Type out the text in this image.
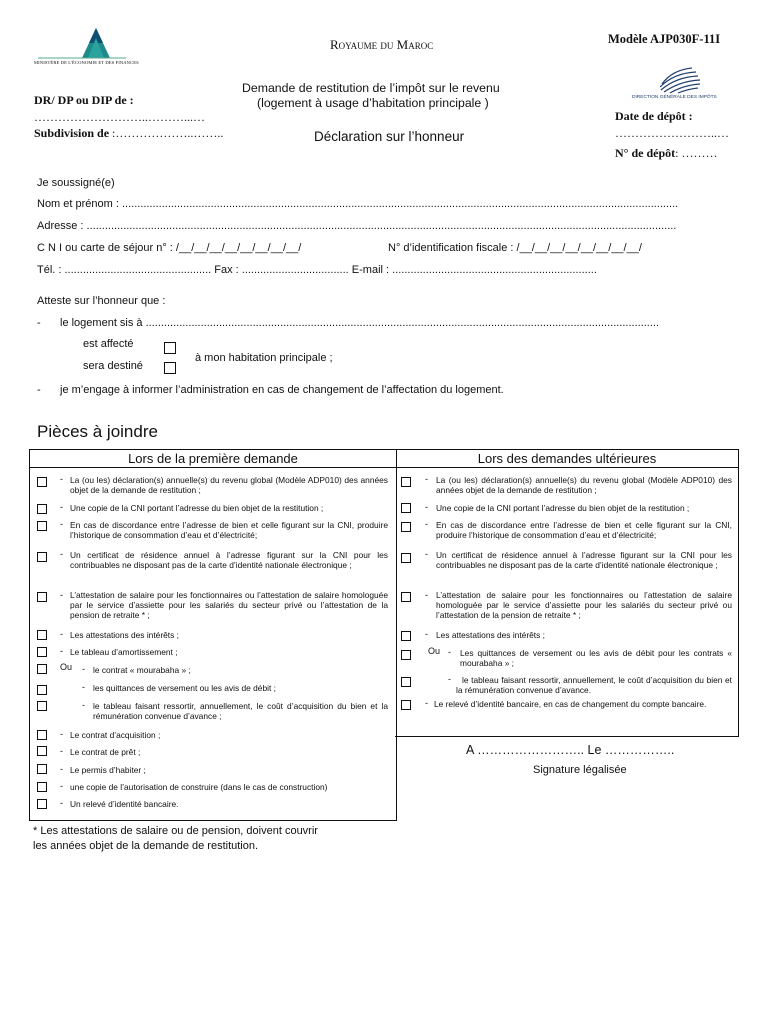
MINISTÈRE DE L'ÉCONOMIE ET DES FINANCES
Royaume du Maroc	Modèle AJP030F-11I
Demande de restitution de l’impôt sur le revenu
(logement à usage d’habitation principale )
Déclaration sur l’honneur
DIRECTION GÉNÉRALE DES IMPÔTS
DR/ DP ou DIP de :
………………………..………...…
Subdivision de :………………..……..
Date de dépôt :
……………………..…
N° de dépôt: ………
Je soussigné(e)
Nom et prénom : ......................................................................................................................................................................................
Adresse : .................................................................................................................................................................................................
C N I ou carte de séjour n° : /__/__/__/__/__/__/__/__/	N° d’identification fiscale : /__/__/__/__/__/__/__/__/
Tél. : ................................................ Fax : ................................... E-mail : ...................................................................
Atteste sur l’honneur que :
- le logement sis à ........................................................................................................................................................................
est affecté
sera destiné
à mon habitation principale ;
- je m’engage à informer l’administration en cas de changement de l’affectation du logement.
Pièces à joindre
Lors de la première demande	Lors des demandes ultérieures
- La (ou les) déclaration(s) annuelle(s) du revenu global (Modèle ADP010) des années objet de la demande de restitution ;
- Une copie de la CNI portant l’adresse du bien objet de la restitution ;
- En cas de discordance entre l’adresse de bien et celle figurant sur la CNI, produire l’historique de consommation d’eau et d’électricité;
- Un certificat de résidence annuel à l’adresse figurant sur la CNI pour les contribuables ne disposant pas de la carte d’identité nationale électronique ;
- L’attestation de salaire pour les fonctionnaires ou l’attestation de salaire homologuée par le service d’assiette pour les salariés du secteur privé ou l’attestation de la pension de retraite * ;
- Les attestations des intérêts ;
- Le tableau d’amortissement ;
Ou - le contrat « mourabaha » ;
- les quittances de versement ou les avis de débit ;
- le tableau faisant ressortir, annuellement, le coût d’acquisition du bien et la rémunération convenue d’avance ;
- Le contrat d’acquisition ;
- Le contrat de prêt ;
- Le permis d’habiter ;
- une copie de l’autorisation de construire (dans le cas de construction)
- Un relevé d’identité bancaire.
- La (ou les) déclaration(s) annuelle(s) du revenu global (Modèle ADP010) des années objet de la demande de restitution ;
- Une copie de la CNI portant l’adresse du bien objet de la restitution ;
- En cas de discordance entre l’adresse de bien et celle figurant sur la CNI, produire l’historique de consommation d’eau et d’électricité;
- Un certificat de résidence annuel à l’adresse figurant sur la CNI pour les contribuables ne disposant pas de la carte d’identité nationale électronique ;
- L’attestation de salaire pour les fonctionnaires ou l’attestation de salaire homologuée par le service d’assiette pour les salariés du secteur privé ou l’attestation de la pension de retraite * ;
- Les attestations des intérêts ;
Ou - Les quittances de versement ou les avis de débit pour les contrats « mourabaha » ;
-	le tableau faisant ressortir, annuellement, le coût d’acquisition du bien et la rémunération convenue d’avance.
- Le relevé d’identité bancaire, en cas de changement du compte bancaire.
A …………………….. Le ……………..
Signature légalisée
* Les attestations de salaire ou de pension, doivent couvrir
les années objet de la demande de restitution.
